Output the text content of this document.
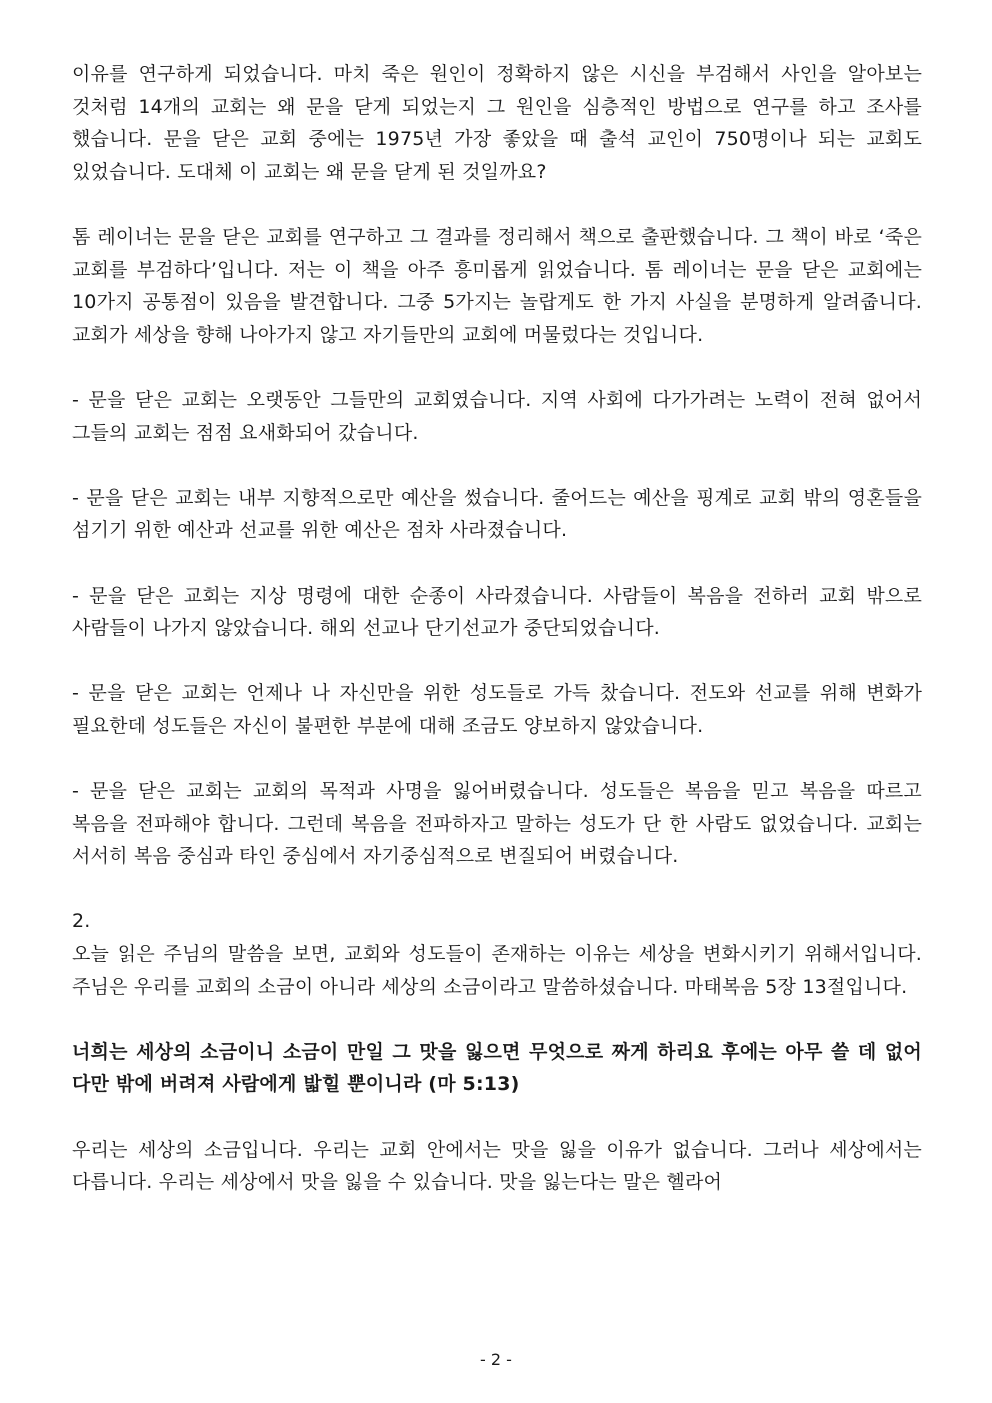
이유를 연구하게 되었습니다. 마치 죽은 원인이 정확하지 않은 시신을 부검해서 사인을 알아보는 것처럼 14개의 교회는 왜 문을 닫게 되었는지 그 원인을 심층적인 방법으로 연구를 하고 조사를 했습니다. 문을 닫은 교회 중에는 1975년 가장 좋았을 때 출석 교인이 750명이나 되는 교회도 있었습니다. 도대체 이 교회는 왜 문을 닫게 된 것일까요?

톰 레이너는 문을 닫은 교회를 연구하고 그 결과를 정리해서 책으로 출판했습니다. 그 책이 바로 ‘죽은 교회를 부검하다’입니다. 저는 이 책을 아주 흥미롭게 읽었습니다. 톰 레이너는 문을 닫은 교회에는 10가지 공통점이 있음을 발견합니다. 그중 5가지는 놀랍게도 한 가지 사실을 분명하게 알려줍니다. 교회가 세상을 향해 나아가지 않고 자기들만의 교회에 머물렀다는 것입니다.

- 문을 닫은 교회는 오랫동안 그들만의 교회였습니다. 지역 사회에 다가가려는 노력이 전혀 없어서 그들의 교회는 점점 요새화되어 갔습니다.

- 문을 닫은 교회는 내부 지향적으로만 예산을 썼습니다. 줄어드는 예산을 핑계로 교회 밖의 영혼들을 섬기기 위한 예산과 선교를 위한 예산은 점차 사라졌습니다.

- 문을 닫은 교회는 지상 명령에 대한 순종이 사라졌습니다. 사람들이 복음을 전하러 교회 밖으로 사람들이 나가지 않았습니다. 해외 선교나 단기선교가 중단되었습니다.

- 문을 닫은 교회는 언제나 나 자신만을 위한 성도들로 가득 찼습니다. 전도와 선교를 위해 변화가 필요한데 성도들은 자신이 불편한 부분에 대해 조금도 양보하지 않았습니다.

- 문을 닫은 교회는 교회의 목적과 사명을 잃어버렸습니다. 성도들은 복음을 믿고 복음을 따르고 복음을 전파해야 합니다. 그런데 복음을 전파하자고 말하는 성도가 단 한 사람도 없었습니다. 교회는 서서히 복음 중심과 타인 중심에서 자기중심적으로 변질되어 버렸습니다.

2.

오늘 읽은 주님의 말씀을 보면, 교회와 성도들이 존재하는 이유는 세상을 변화시키기 위해서입니다. 주님은 우리를 교회의 소금이 아니라 세상의 소금이라고 말씀하셨습니다. 마태복음 5장 13절입니다.

너희는 세상의 소금이니 소금이 만일 그 맛을 잃으면 무엇으로 짜게 하리요 후에는 아무 쓸 데 없어 다만 밖에 버려져 사람에게 밟힐 뿐이니라 (마 5:13)

우리는 세상의 소금입니다. 우리는 교회 안에서는 맛을 잃을 이유가 없습니다. 그러나 세상에서는 다릅니다. 우리는 세상에서 맛을 잃을 수 있습니다. 맛을 잃는다는 말은 헬라어

- 2 -
